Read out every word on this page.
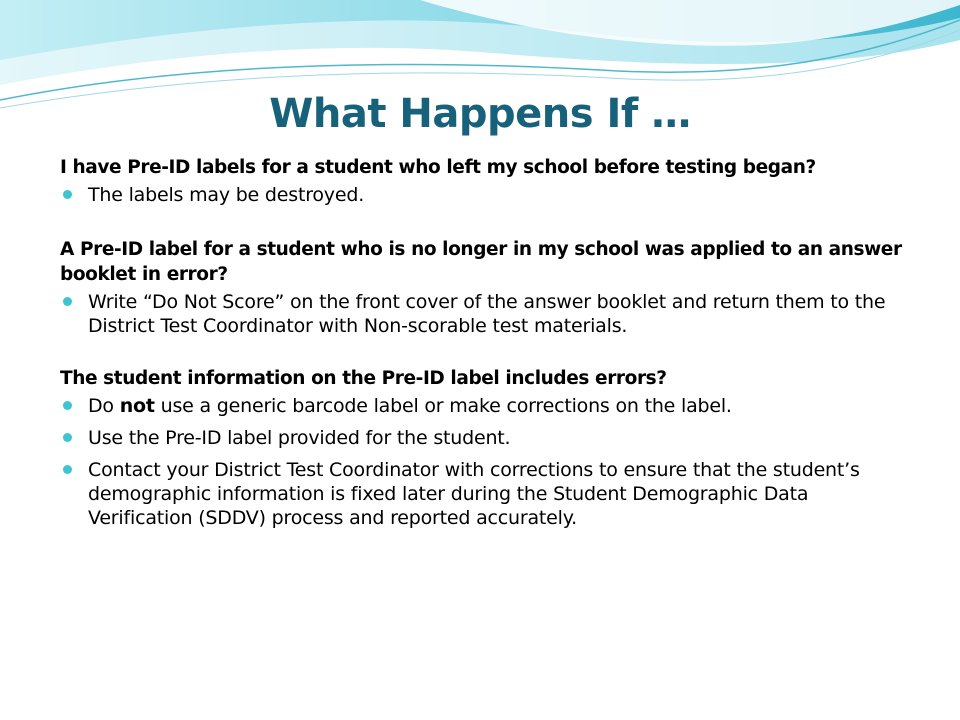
What Happens If …
I have Pre-ID labels for a student who left my school before testing began?
The labels may be destroyed.
A Pre-ID label for a student who is no longer in my school was applied to an answer booklet in error?
Write “Do Not Score” on the front cover of the answer booklet and return them to the District Test Coordinator with Non-scorable test materials.
The student information on the Pre-ID label includes errors?
Do not use a generic barcode label or make corrections on the label.
Use the Pre-ID label provided for the student.
Contact your District Test Coordinator with corrections to ensure that the student’s demographic information is fixed later during the Student Demographic Data Verification (SDDV) process and reported accurately.
